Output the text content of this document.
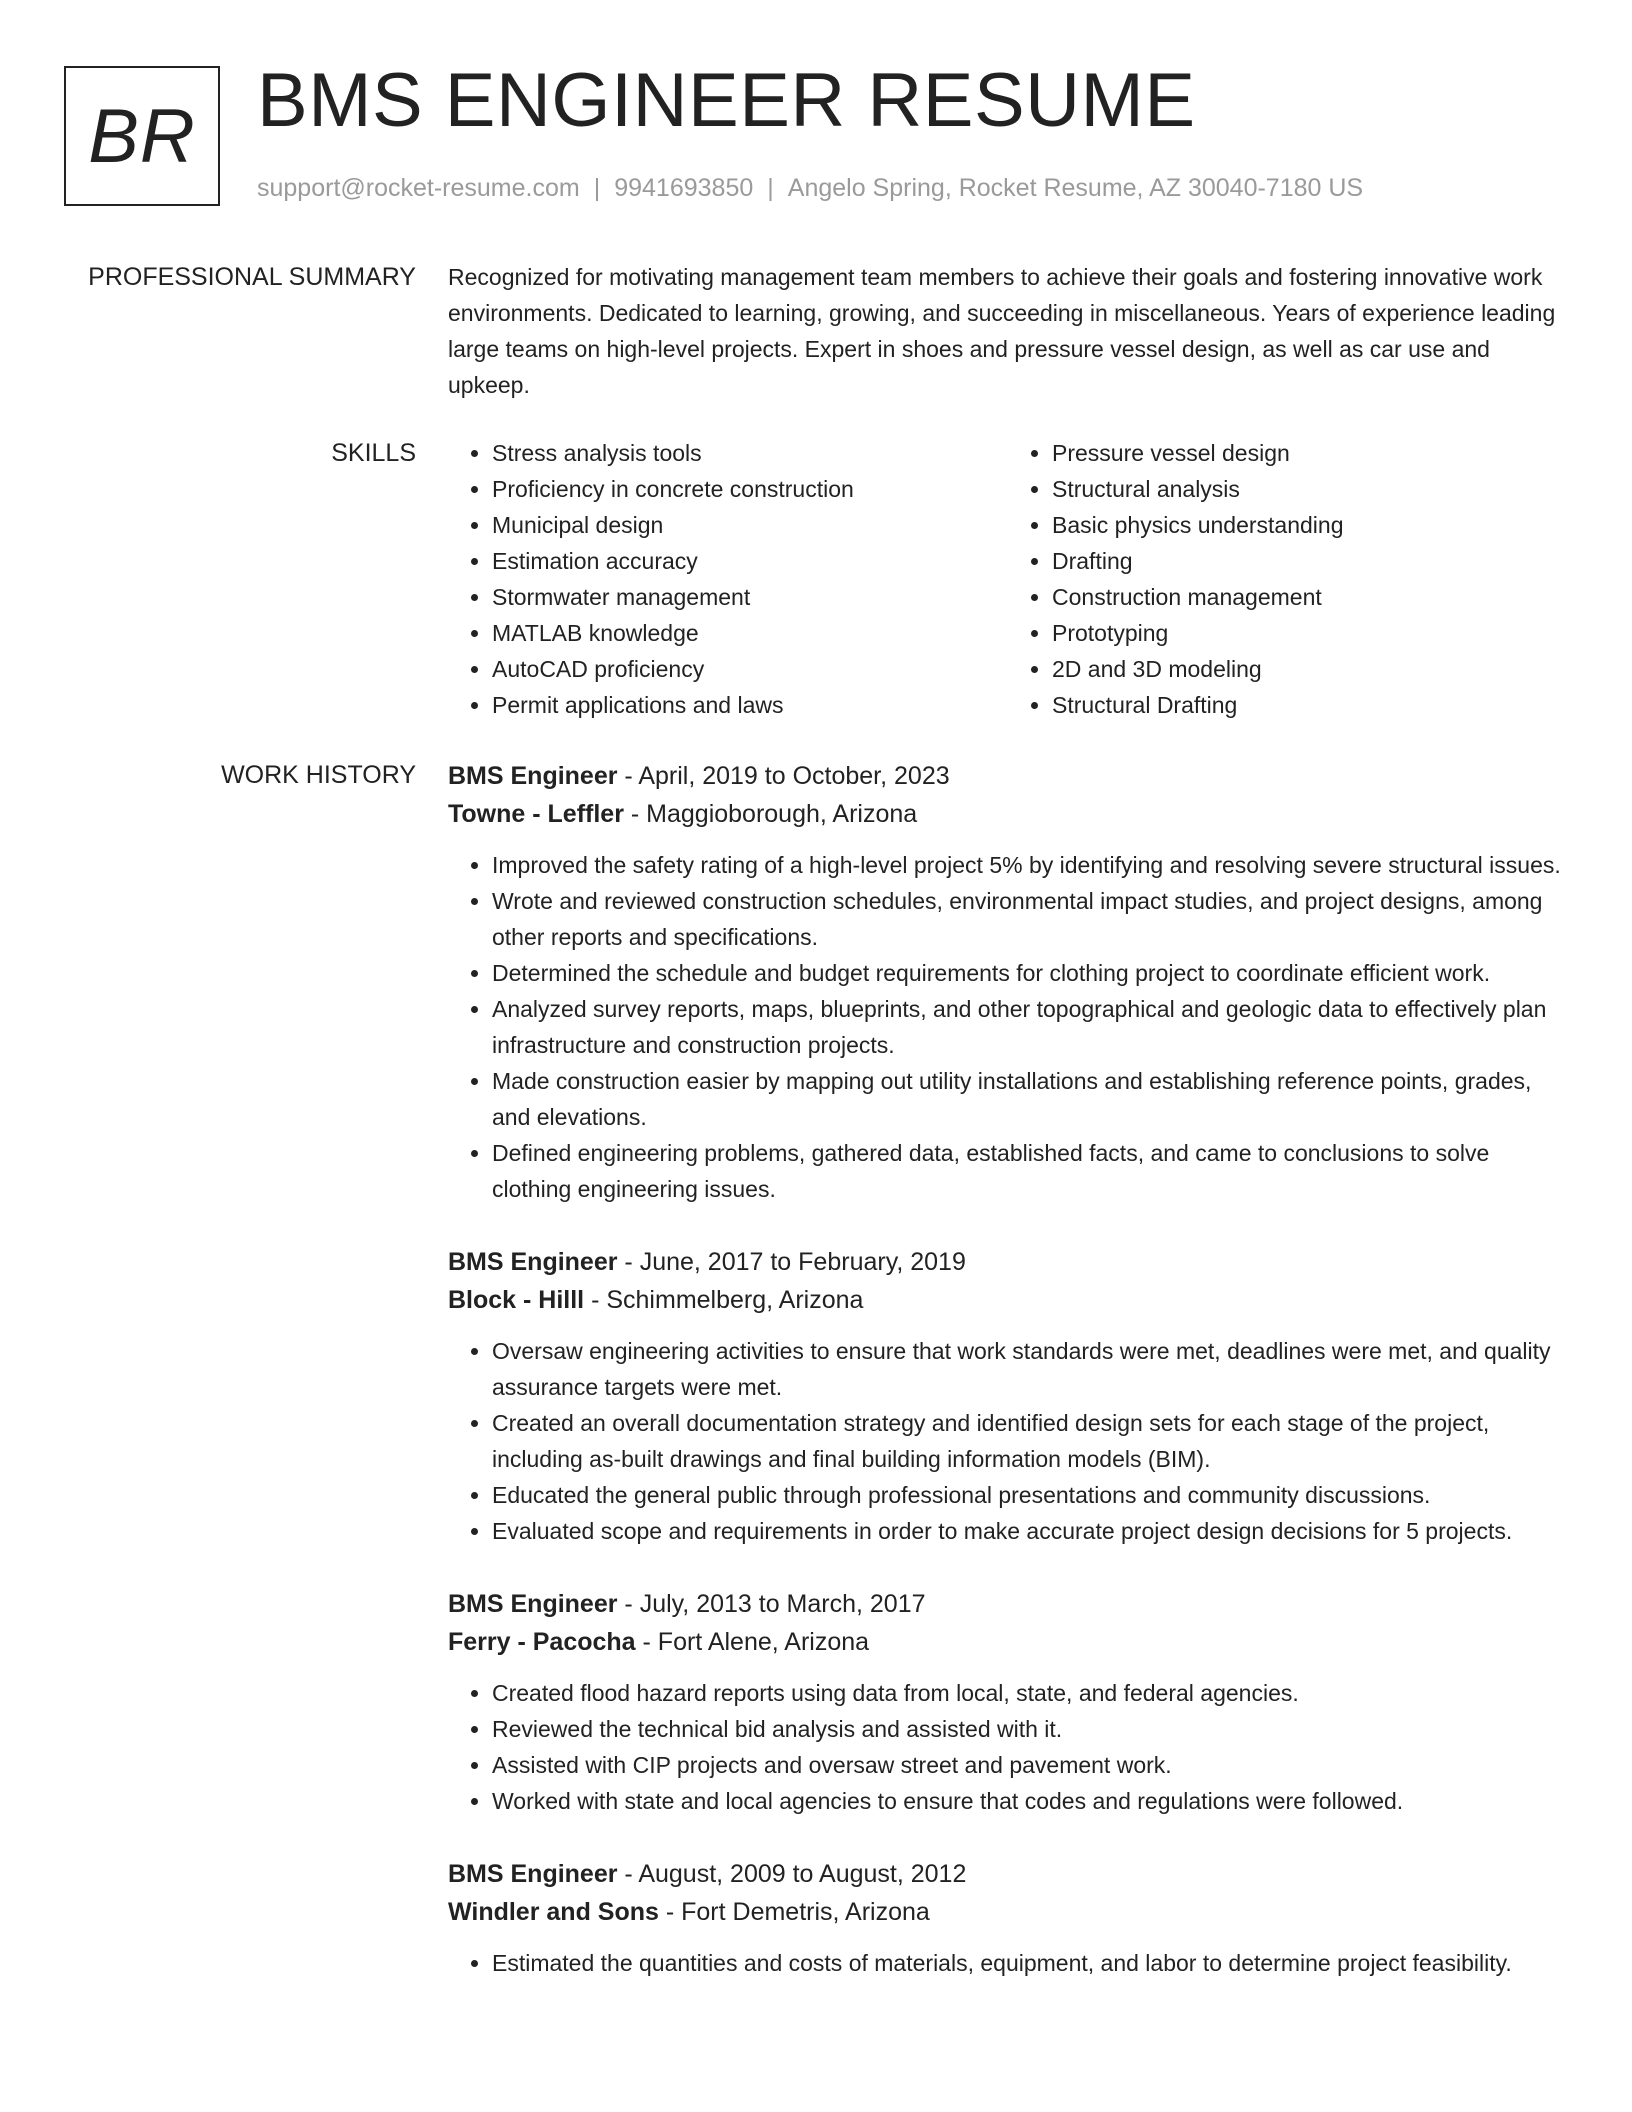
BR BMS ENGINEER RESUME
support@rocket-resume.com | 9941693850 | Angelo Spring, Rocket Resume, AZ 30040-7180 US
PROFESSIONAL SUMMARY Recognized for motivating management team members to achieve their goals and fostering innovative work environments. Dedicated to learning, growing, and succeeding in miscellaneous. Years of experience leading large teams on high-level projects. Expert in shoes and pressure vessel design, as well as car use and upkeep.

SKILLS
•	Stress analysis tools
• Proficiency in concrete construction
• Municipal design
• Estimation accuracy
• Stormwater management
• MATLAB knowledge
• AutoCAD proficiency
• Permit applications and laws
• Pressure vessel design
• Structural analysis
• Basic physics understanding
• Drafting
• Construction management
• Prototyping
• 2D and 3D modeling
• Structural Drafting
WORK HISTORY BMS Engineer - April, 2019 to October, 2023
Towne - Leffler - Maggioborough, Arizona
• Improved the safety rating of a high-level project 5% by identifying and resolving severe structural issues.
• Wrote and reviewed construction schedules, environmental impact studies, and project designs, among other reports and specifications.
• Determined the schedule and budget requirements for clothing project to coordinate efficient work.
• Analyzed survey reports, maps, blueprints, and other topographical and geologic data to effectively plan infrastructure and construction projects.
• Made construction easier by mapping out utility installations and establishing reference points, grades, and elevations.
• Defined engineering problems, gathered data, established facts, and came to conclusions to solve clothing engineering issues.
BMS Engineer - June, 2017 to February, 2019
Block - Hilll - Schimmelberg, Arizona
• Oversaw engineering activities to ensure that work standards were met, deadlines were met, and quality assurance targets were met.
• Created an overall documentation strategy and identified design sets for each stage of the project, including as-built drawings and final building information models (BIM).
• Educated the general public through professional presentations and community discussions.
• Evaluated scope and requirements in order to make accurate project design decisions for 5 projects.
BMS Engineer - July, 2013 to March, 2017
Ferry - Pacocha - Fort Alene, Arizona
• Created flood hazard reports using data from local, state, and federal agencies.
• Reviewed the technical bid analysis and assisted with it.
• Assisted with CIP projects and oversaw street and pavement work.
• Worked with state and local agencies to ensure that codes and regulations were followed.
BMS Engineer - August, 2009 to August, 2012
Windler and Sons - Fort Demetris, Arizona
• Estimated the quantities and costs of materials, equipment, and labor to determine project feasibility.
